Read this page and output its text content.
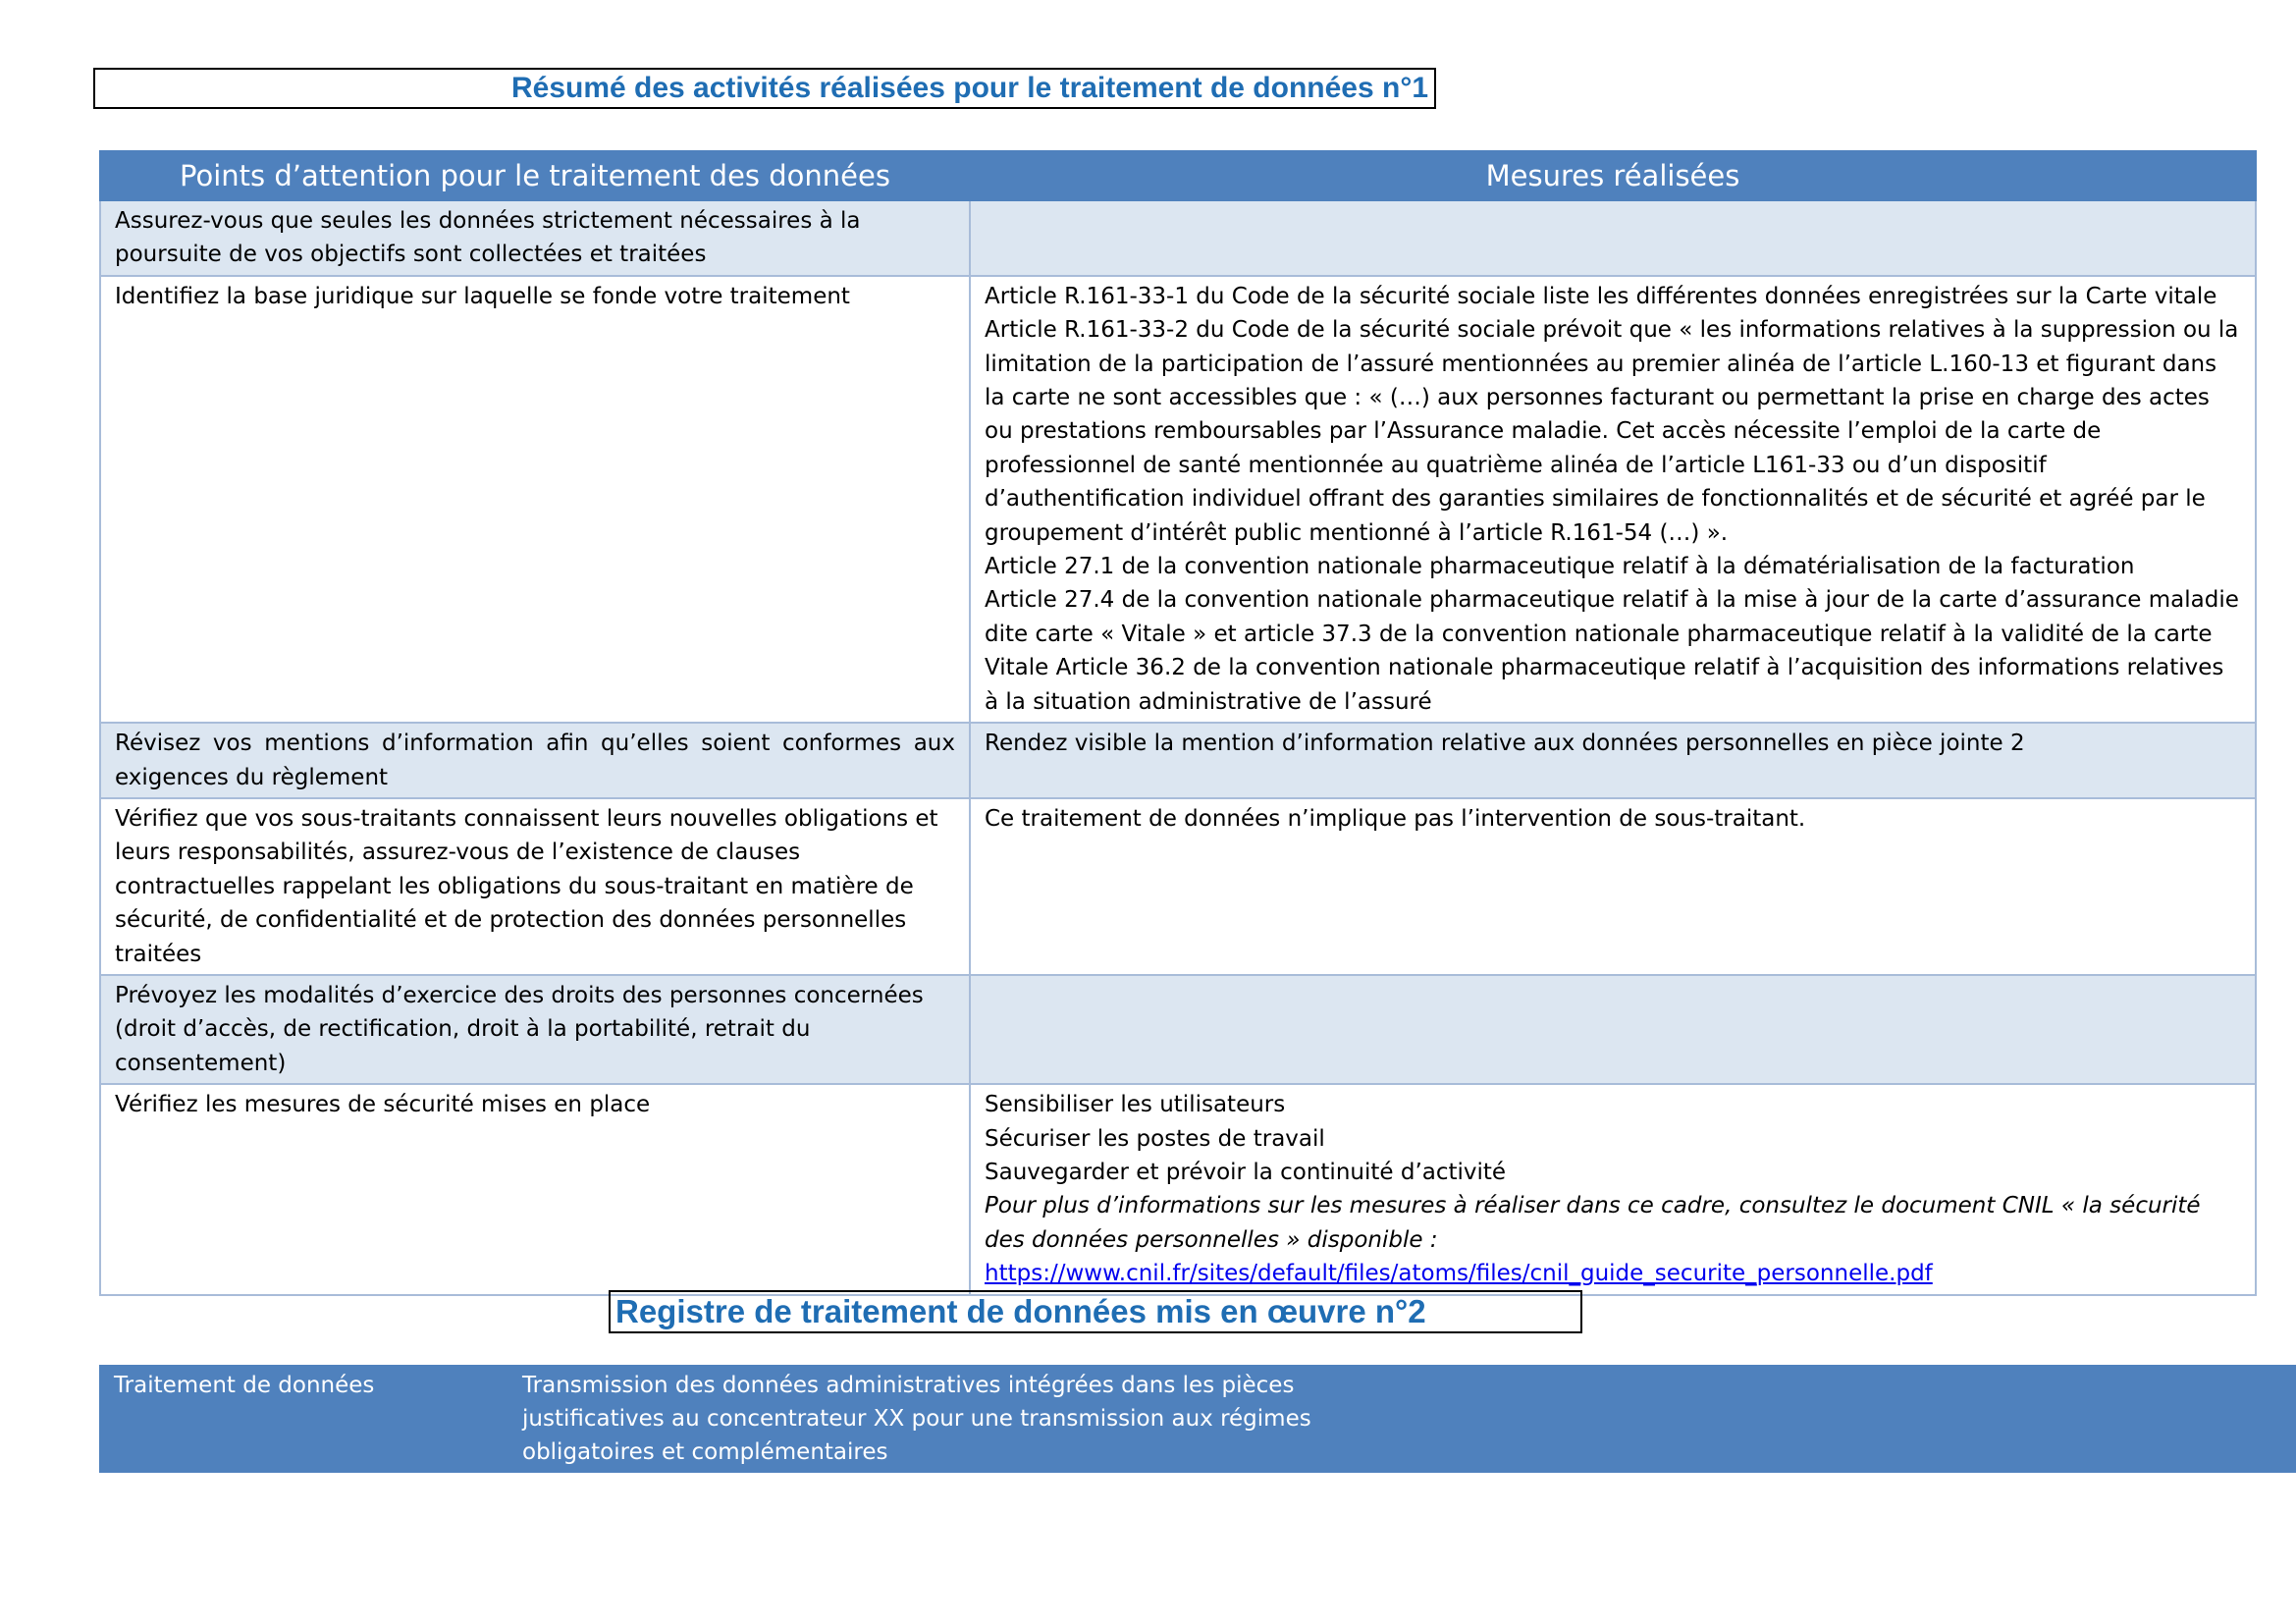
Résumé des activités réalisées pour le traitement de données n°1
Points d’attention pour le traitement des données	Mesures réalisées
Assurez-vous que seules les données strictement nécessaires à la poursuite de vos objectifs sont collectées et traitées	
Identifiez la base juridique sur laquelle se fonde votre traitement	Article R.161-33-1 du Code de la sécurité sociale liste les différentes données enregistrées sur la Carte vitale
Article R.161-33-2 du Code de la sécurité sociale prévoit que « les informations relatives à la suppression ou la limitation de la participation de l’assuré mentionnées au premier alinéa de l’article L.160-13 et figurant dans la carte ne sont accessibles que : « (…) aux personnes facturant ou permettant la prise en charge des actes ou prestations remboursables par l’Assurance maladie. Cet accès nécessite l’emploi de la carte de professionnel de santé mentionnée au quatrième alinéa de l’article L161-33 ou d’un dispositif d’authentification individuel offrant des garanties similaires de fonctionnalités et de sécurité et agréé par le groupement d’intérêt public mentionné à l’article R.161-54 (…) ».
Article 27.1 de la convention nationale pharmaceutique relatif à la dématérialisation de la facturation
Article 27.4 de la convention nationale pharmaceutique relatif à la mise à jour de la carte d’assurance maladie dite carte « Vitale » et article 37.3 de la convention nationale pharmaceutique relatif à la validité de la carte Vitale Article 36.2 de la convention nationale pharmaceutique relatif à l’acquisition des informations relatives à la situation administrative de l’assuré

Révisez vos mentions d’information afin qu’elles soient conformes aux exigences du règlement	Rendez visible la mention d’information relative aux données personnelles en pièce jointe 2

Vérifiez que vos sous-traitants connaissent leurs nouvelles obligations et leurs responsabilités, assurez-vous de l’existence de clauses contractuelles rappelant les obligations du sous-traitant en matière de sécurité, de confidentialité et de protection des données personnelles traitées	Ce traitement de données n’implique pas l’intervention de sous-traitant.

Prévoyez les modalités d’exercice des droits des personnes concernées (droit d’accès, de rectification, droit à la portabilité, retrait du consentement)	
Vérifiez les mesures de sécurité mises en place	Sensibiliser les utilisateurs
Sécuriser les postes de travail
Sauvegarder et prévoir la continuité d’activité
Pour plus d’informations sur les mesures à réaliser dans ce cadre, consultez le document CNIL « la sécurité des données personnelles » disponible :
https://www.cnil.fr/sites/default/files/atoms/files/cnil_guide_securite_personnelle.pdf
Registre de traitement de données mis en œuvre n°2
Traitement de données	Transmission des données administratives intégrées dans les pièces justificatives au concentrateur XX pour une transmission aux régimes obligatoires et complémentaires
